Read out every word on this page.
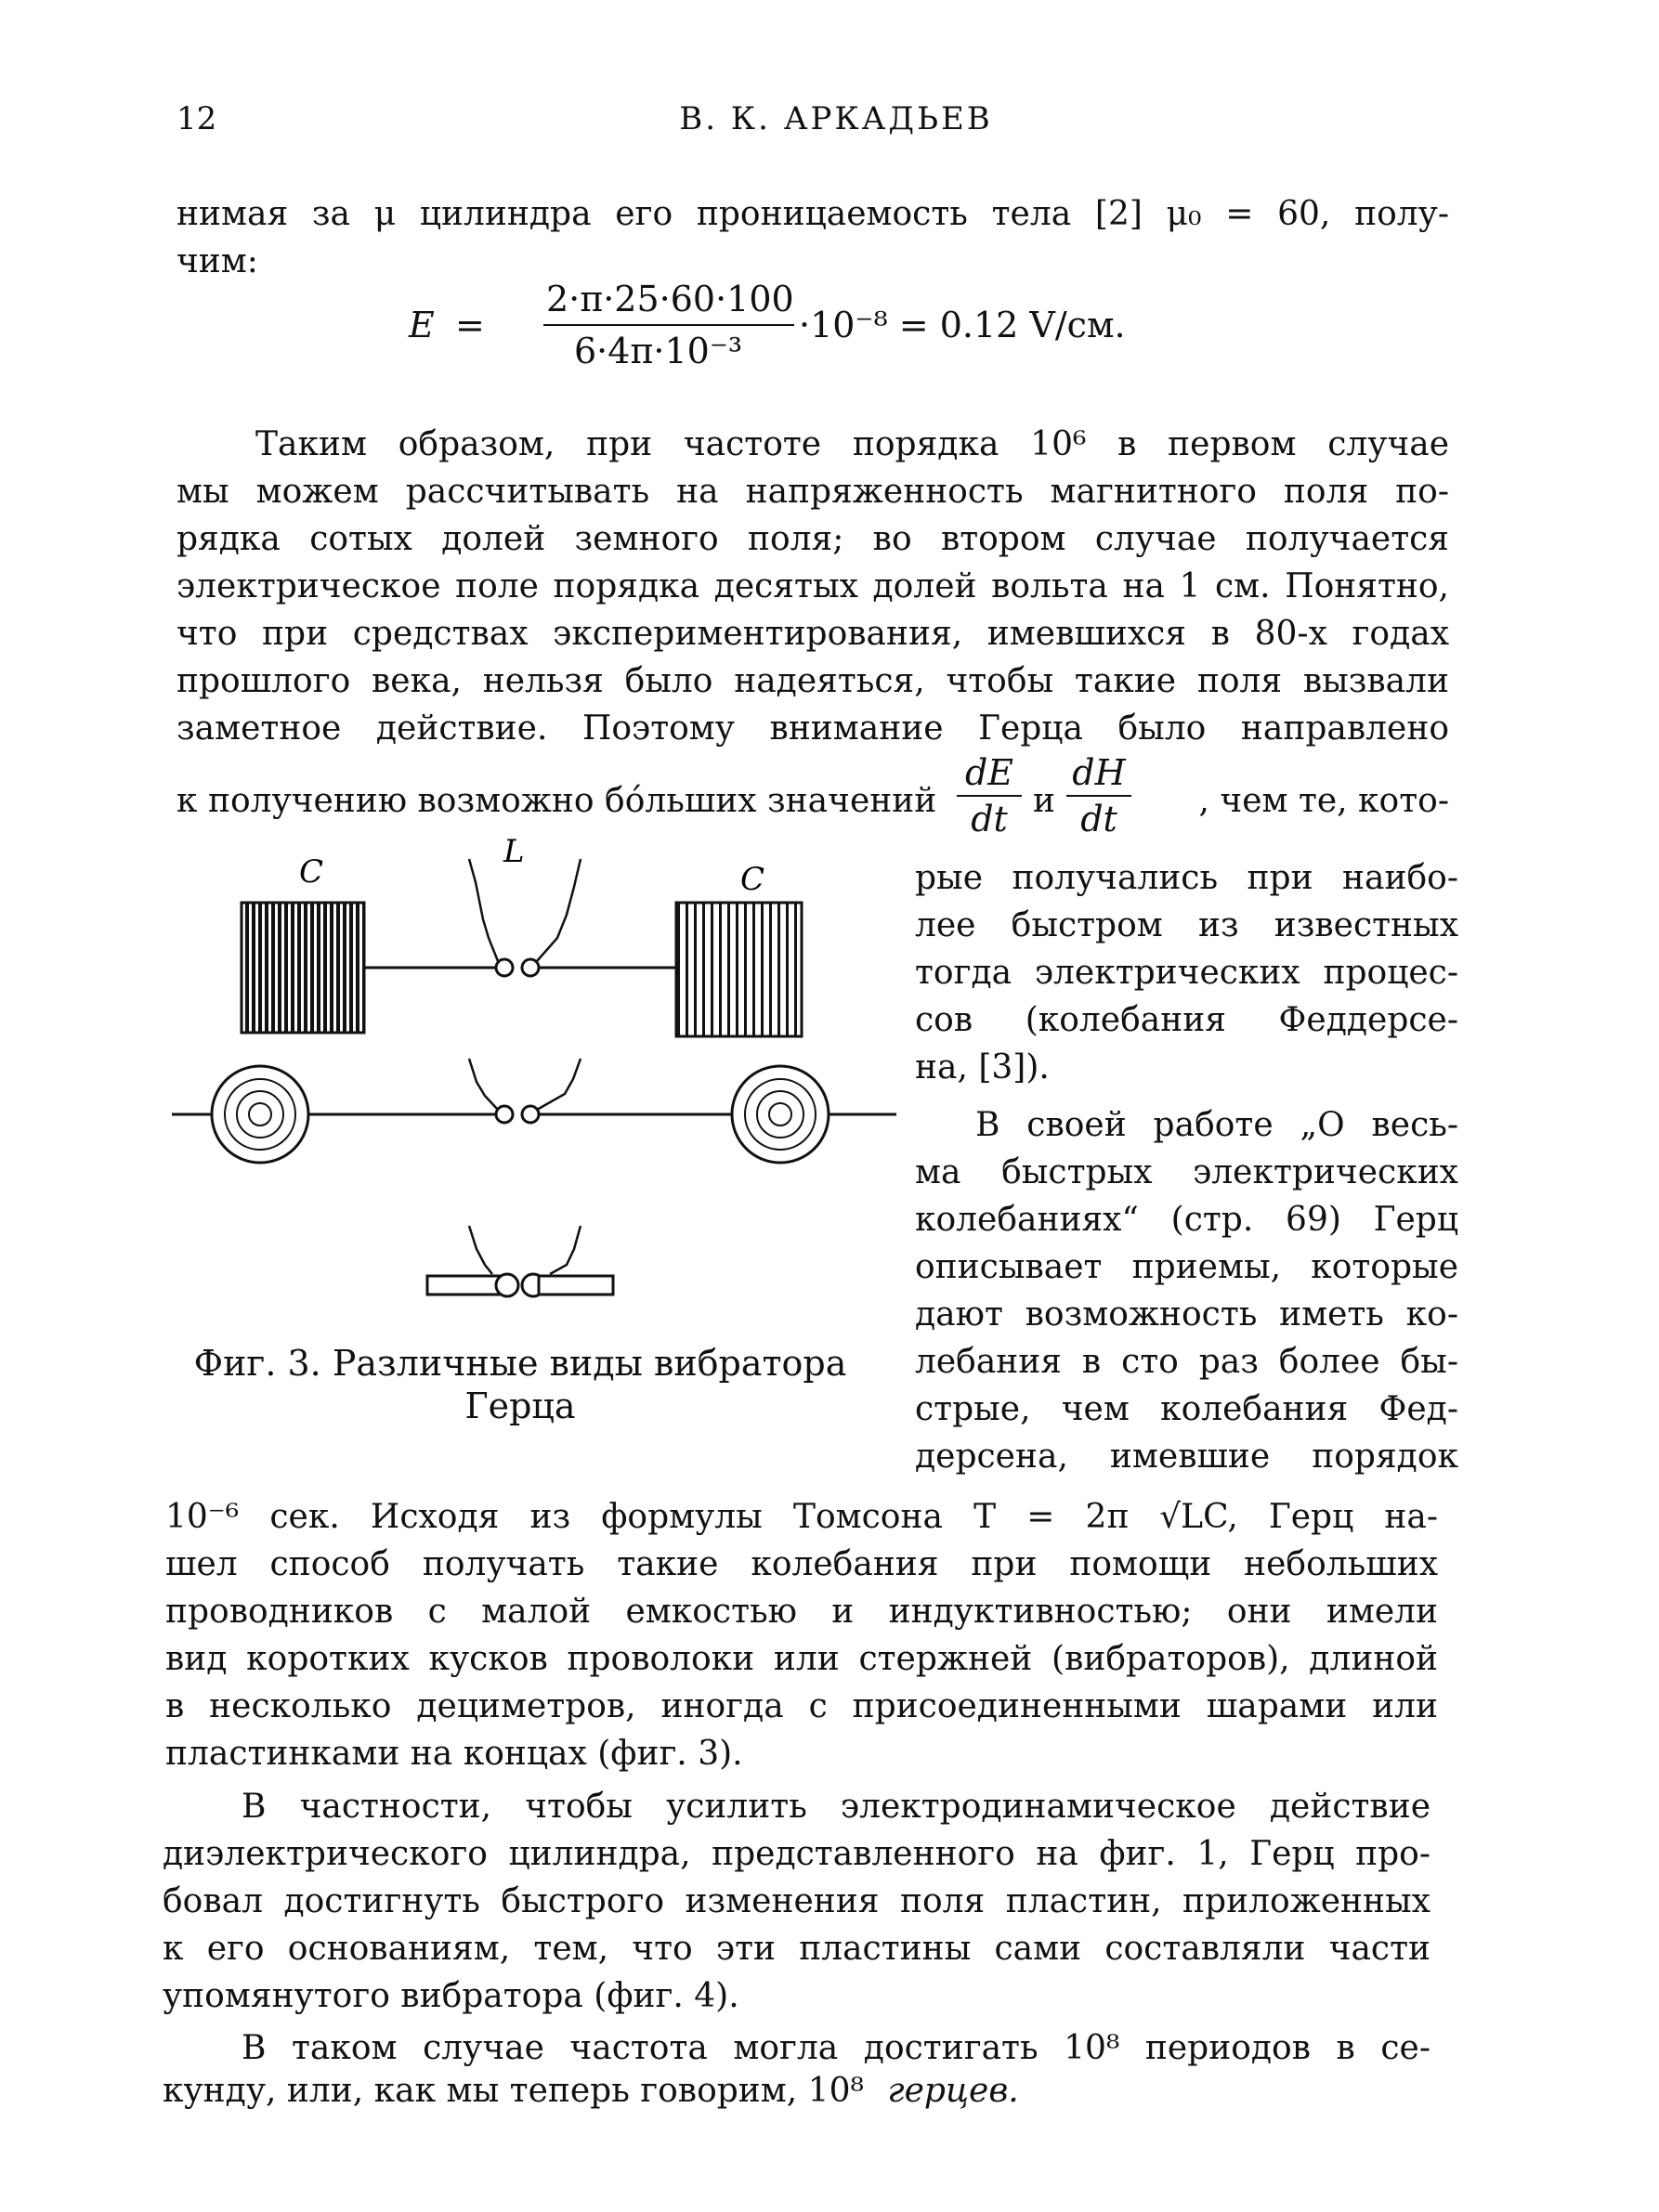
12	В. К. АРКАДЬЕВ
нимая за μ цилиндра его проницаемость тела [2] μ₀ = 60, полу-
чим:
E =
2·π·25·60·100
6·4π·10⁻³
·10⁻⁸ = 0.12 V/см.
Таким образом, при частоте порядка 10⁶ в первом случае
мы можем рассчитывать на напряженность магнитного поля по-
рядка сотых долей земного поля; во втором случае получается
электрическое поле порядка десятых долей вольта на 1 см. Понятно,
что при средствах экспериментирования, имевшихся в 80-х годах
прошлого века, нельзя было надеяться, чтобы такие поля вызвали
заметное действие. Поэтому внимание Герца было направлено
к получению возможно бо́льших значений
dE
dt и
dH
dt	, чем те, кото-
C
L
C
Фиг. 3. Различные виды вибратора
Герца
рые получались при наибо-
лее быстром из известных
тогда электрических процес-
сов (колебания Феддерсе-
на, [3]).
В своей работе „О весь-
ма быстрых электрических
колебаниях“ (стр. 69) Герц
описывает приемы, которые
дают возможность иметь ко-
лебания в сто раз более бы-
стрые, чем колебания Фед-
дерсена, имевшие порядок
10⁻⁶ сек. Исходя из формулы Томсона T = 2π √LC, Герц на-
шел способ получать такие колебания при помощи небольших
проводников с малой емкостью и индуктивностью; они имели
вид коротких кусков проволоки или стержней (вибраторов), длиной
в несколько дециметров, иногда с присоединенными шарами или
пластинками на концах (фиг. 3).
В частности, чтобы усилить электродинамическое действие
диэлектрического цилиндра, представленного на фиг. 1, Герц про-
бовал достигнуть быстрого изменения поля пластин, приложенных
к его основаниям, тем, что эти пластины сами составляли части
упомянутого вибратора (фиг. 4).
В таком случае частота могла достигать 10⁸ периодов в се-
кунду, или, как мы теперь говорим, 10⁸ герцев.
